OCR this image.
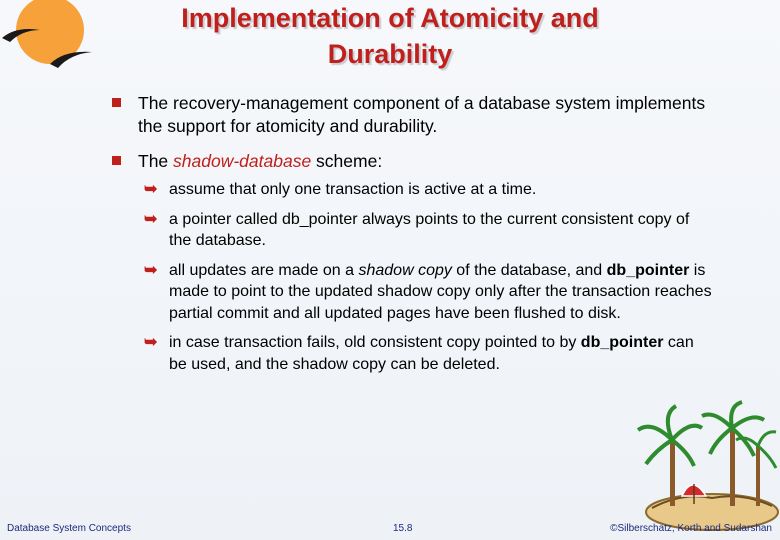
Implementation of Atomicity and
Durability
The recovery-management component of a database system implements the support for atomicity and durability.
The shadow-database scheme:
➥ assume that only one transaction is active at a time.
➥ a pointer called db_pointer always points to the current consistent copy of the database.
➥ all updates are made on a shadow copy of the database, and db_pointer is made to point to the updated shadow copy only after the transaction reaches partial commit and all updated pages have been flushed to disk.
➥ in case transaction fails, old consistent copy pointed to by db_pointer can be used, and the shadow copy can be deleted.
Database System Concepts	15.8	©Silberschatz, Korth and Sudarshan
